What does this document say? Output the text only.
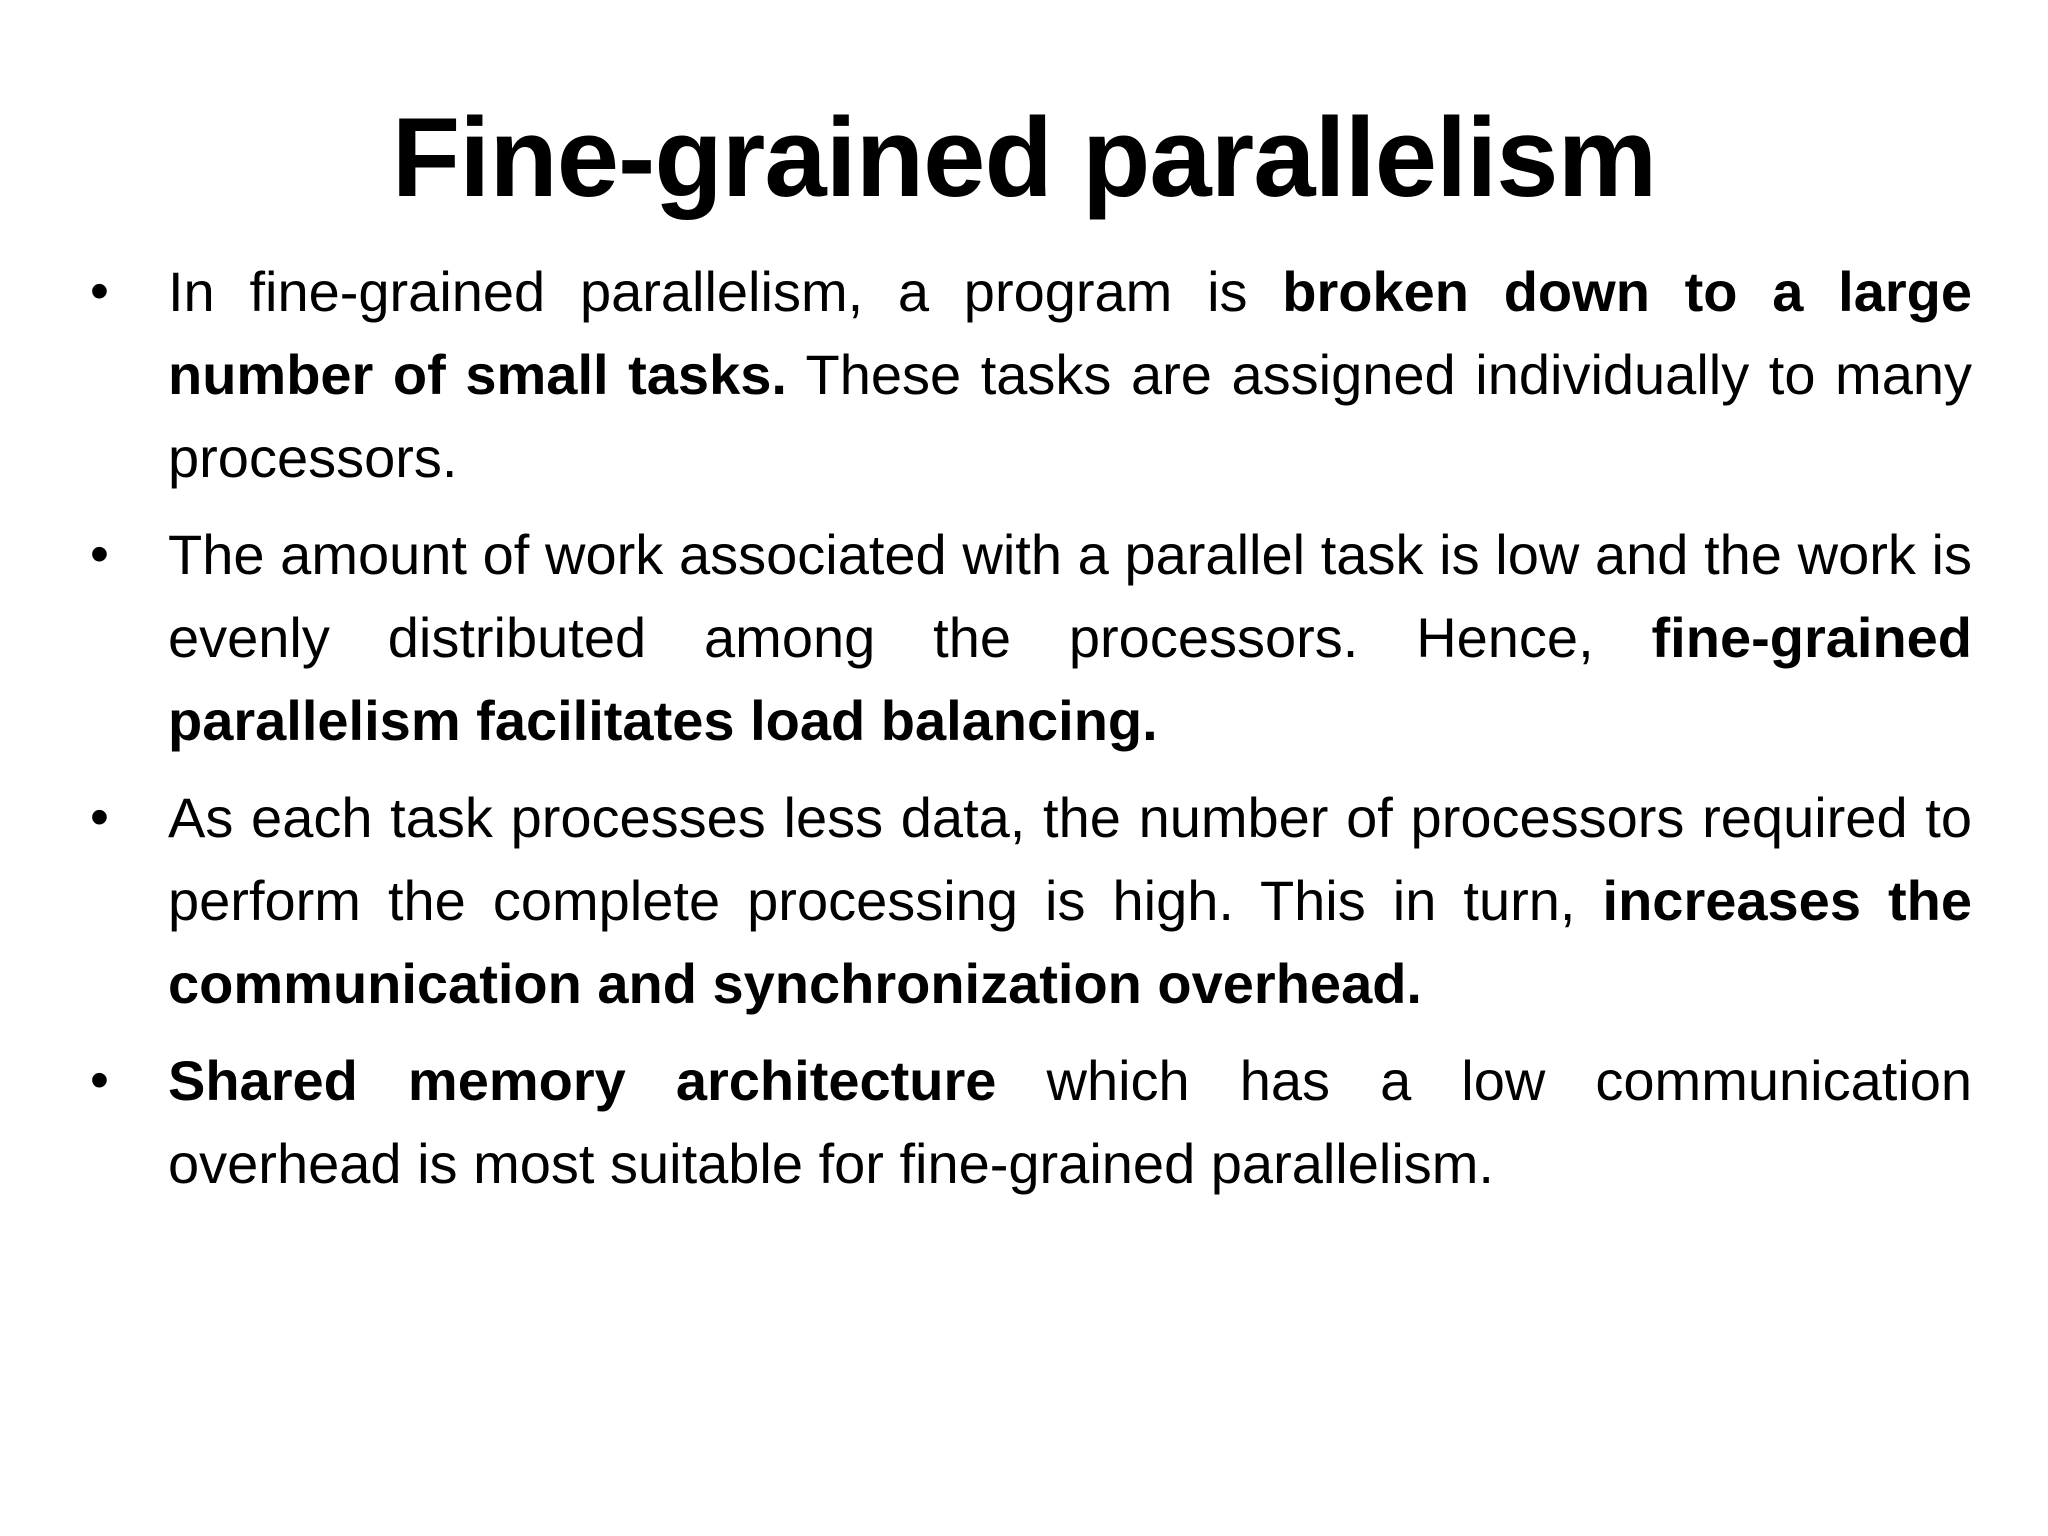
Fine-grained parallelism
•	In fine-grained parallelism, a program is broken down to a large number of small tasks. These tasks are assigned individually to many processors.

•	The amount of work associated with a parallel task is low and the work is evenly distributed among the processors. Hence, fine-grained parallelism facilitates load balancing.

•	As each task processes less data, the number of processors required to perform the complete processing is high. This in turn, increases the communication and synchronization overhead.

•	Shared memory architecture which has a low communication overhead is most suitable for fine-grained parallelism.
